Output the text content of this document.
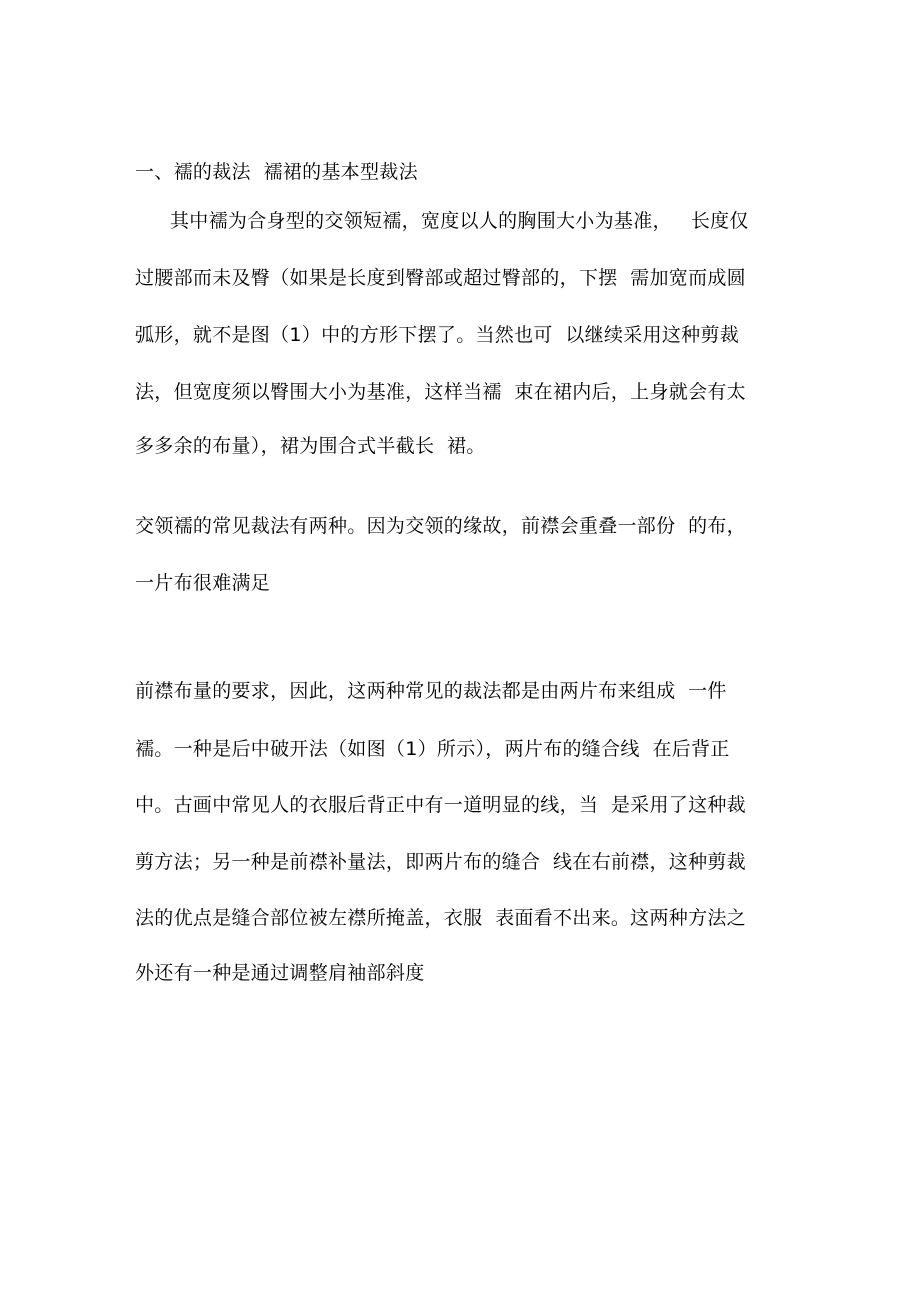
一、襦的裁法  襦裙的基本型裁法
其中襦为合身型的交领短襦，宽度以人的胸围大小为基准，   长度仅
过腰部而未及臀（如果是长度到臀部或超过臀部的，下摆  需加宽而成圆
弧形，就不是图（1）中的方形下摆了。当然也可  以继续采用这种剪裁
法，但宽度须以臀围大小为基准，这样当襦  束在裙内后，上身就会有太
多多余的布量），裙为围合式半截长  裙。
交领襦的常见裁法有两种。因为交领的缘故，前襟会重叠一部份  的布，
一片布很难满足
前襟布量的要求，因此，这两种常见的裁法都是由两片布来组成  一件
襦。一种是后中破开法（如图（1）所示），两片布的缝合线  在后背正
中。古画中常见人的衣服后背正中有一道明显的线，当  是采用了这种裁
剪方法；另一种是前襟补量法，即两片布的缝合  线在右前襟，这种剪裁
法的优点是缝合部位被左襟所掩盖，衣服  表面看不出来。这两种方法之
外还有一种是通过调整肩袖部斜度
